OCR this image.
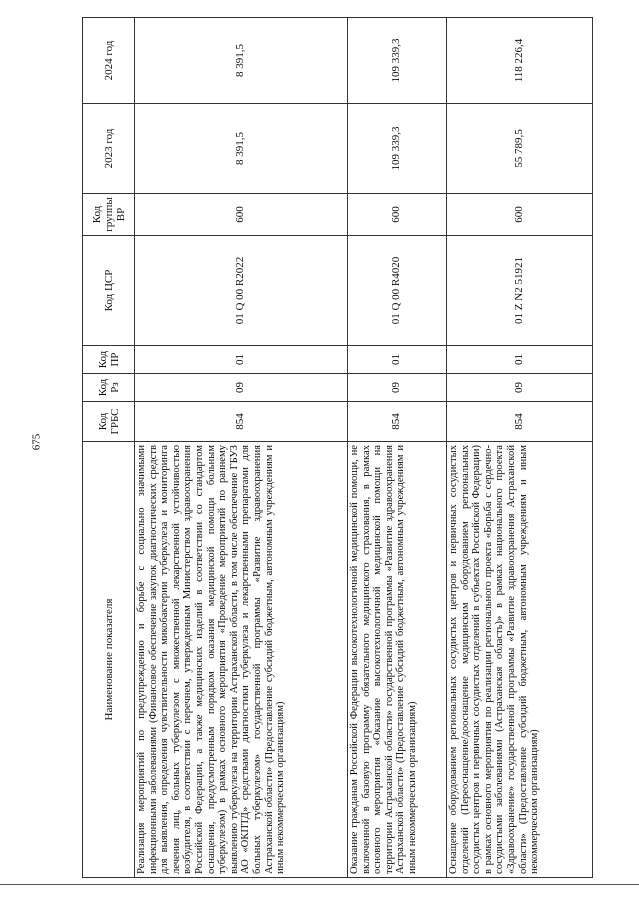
675
Наименование показателя	Код ГРБС	Код Рз	Код ПР	Код ЦСР	Код группы ВР	2023 год	2024 год
Реализация мероприятий по предупреждению и борьбе с социально значимыми инфекционными заболеваниями (Финансовое обеспечение закупок диагностических средств для выявления, определения чувствительности микобактерии туберкулеза и мониторинга лечения лиц, больных туберкулезом с множественной лекарственной устойчивостью возбудителя, в соответствии с перечнем, утвержденным Министерством здравоохранения Российской Федерации, а также медицинских изделий в соответствии со стандартом оснащения, предусмотренным порядком оказания медицинской помощи больным туберкулезом) в рамках основного мероприятия «Проведение мероприятий по раннему выявлению туберкулеза на территории Астраханской области, в том числе обеспечение ГБУЗ АО «ОКПТД» средствами диагностики туберкулеза и лекарственными препаратами для больных туберкулезом» государственной программы «Развитие здравоохранения Астраханской области» (Предоставление субсидий бюджетным, автономным учреждениям и иным некоммерческим организациям)	854	09	01	01 Q 00 R2022	600	8 391,5	8 391,5
Оказание гражданам Российской Федерации высокотехнологичной медицинской помощи, не включенной в базовую программу обязательного медицинского страхования, в рамках основного мероприятия «Оказание высокотехнологичной медицинской помощи на территории Астраханской области» государственной программы «Развитие здравоохранения Астраханской области» (Предоставление субсидий бюджетным, автономным учреждениям и иным некоммерческим организациям)	854	09	01	01 Q 00 R4020	600	109 339,3	109 339,3
Оснащение оборудованием региональных сосудистых центров и первичных сосудистых отделений (Переоснащение/дооснащение медицинским оборудованием региональных сосудистых центров и первичных сосудистых отделений в субъектах Российской Федерации) в рамках основного мероприятия по реализации регионального проекта «Борьба с сердечно-сосудистыми заболеваниями (Астраханская область)» в рамках национального проекта «Здравоохранение» государственной программы «Развитие здравоохранения Астраханской области» (Предоставление субсидий бюджетным, автономным учреждениям и иным некоммерческим организациям)	854	09	01	01 Z N2 51921	600	55 789,5	118 226,4
